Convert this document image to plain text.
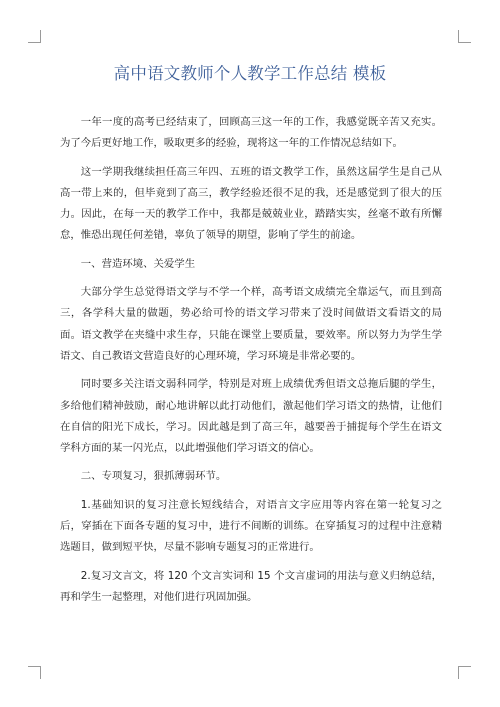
高中语文教师个人教学工作总结 模板

一年一度的高考已经结束了，回顾高三这一年的工作，我感觉既辛苦又充实。为了今后更好地工作，吸取更多的经验，现将这一年的工作情况总结如下。

这一学期我继续担任高三年四、五班的语文教学工作，虽然这届学生是自己从高一带上来的，但毕竟到了高三，教学经验还很不足的我，还是感觉到了很大的压力。因此，在每一天的教学工作中，我都是兢兢业业，踏踏实实，丝毫不敢有所懈怠，惟恐出现任何差错，辜负了领导的期望，影响了学生的前途。

一、营造环境、关爱学生

大部分学生总觉得语文学与不学一个样，高考语文成绩完全靠运气，而且到高三，各学科大量的做题，势必给可怜的语文学习带来了没时间做语文看语文的局面。语文教学在夹缝中求生存，只能在课堂上要质量，要效率。所以努力为学生学语文、自己教语文营造良好的心理环境，学习环境是非常必要的。

同时要多关注语文弱科同学，特别是对班上成绩优秀但语文总拖后腿的学生，多给他们精神鼓励，耐心地讲解以此打动他们，激起他们学习语文的热情，让他们在自信的阳光下成长，学习。因此越是到了高三年，越要善于捕捉每个学生在语文学科方面的某一闪光点，以此增强他们学习语文的信心。

二、专项复习，狠抓薄弱环节。

1.基础知识的复习注意长短线结合，对语言文字应用等内容在第一轮复习之后，穿插在下面各专题的复习中，进行不间断的训练。在穿插复习的过程中注意精选题目，做到短平快，尽量不影响专题复习的正常进行。

2.复习文言文，将 120 个文言实词和 15 个文言虚词的用法与意义归纳总结，再和学生一起整理，对他们进行巩固加强。
